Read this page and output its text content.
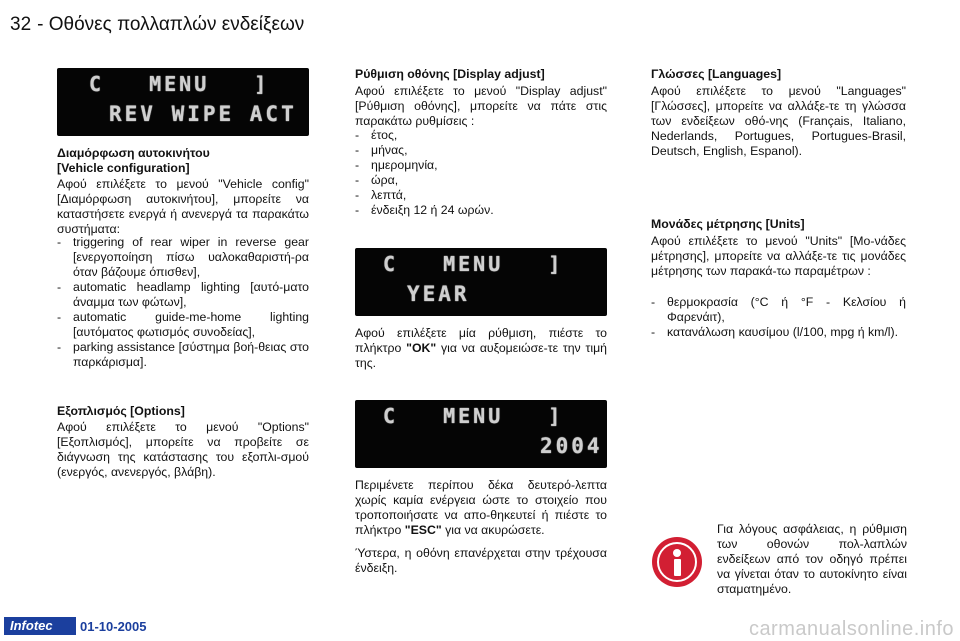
32 - Οθόνες πολλαπλών ενδείξεων
C MENU ]
REV WIPE ACT
Διαμόρφωση αυτοκινήτου [Vehicle configuration]
Αφού επιλέξετε το μενού "Vehicle config" [Διαμόρφωση αυτοκινήτου], μπορείτε να καταστήσετε ενεργά ή ανενεργά τα παρακάτω συστήματα:
- triggering of rear wiper in reverse gear [ενεργοποίηση πίσω υαλοκαθαριστή-ρα όταν βάζουμε όπισθεν],
- automatic headlamp lighting [αυτό-ματο άναμμα των φώτων],
- automatic guide-me-home lighting [αυτόματος φωτισμός συνοδείας],
- parking assistance [σύστημα βοή-θειας στο παρκάρισμα].
Εξοπλισμός [Options]
Αφού επιλέξετε το μενού "Options" [Εξοπλισμός], μπορείτε να προβείτε σε διάγνωση της κατάστασης του εξοπλι-σμού (ενεργός, ανενεργός, βλάβη).
Ρύθμιση οθόνης [Display adjust]
Αφού επιλέξετε το μενού "Display adjust" [Ρύθμιση οθόνης], μπορείτε να πάτε στις παρακάτω ρυθμίσεις :
- έτος,
- μήνας,
- ημερομηνία,
- ώρα,
- λεπτά,
- ένδειξη 12 ή 24 ωρών.
C MENU ]
YEAR
Αφού επιλέξετε μία ρύθμιση, πιέστε το πλήκτρο "OK" για να αυξομειώσε-τε την τιμή της.
C MENU ]
2004
Περιμένετε περίπου δέκα δευτερό-λεπτα χωρίς καμία ενέργεια ώστε το στοιχείο που τροποποιήσατε να απο-θηκευτεί ή πιέστε το πλήκτρο "ESC" για να ακυρώσετε.
Ύστερα, η οθόνη επανέρχεται στην τρέχουσα ένδειξη.
Γλώσσες [Languages]
Αφού επιλέξετε το μενού "Languages" [Γλώσσες], μπορείτε να αλλάξε-τε τη γλώσσα των ενδείξεων οθό-νης (Français, Italiano, Nederlands, Portugues, Portugues-Brasil, Deutsch, English, Espanol).
Μονάδες μέτρησης [Units]
Αφού επιλέξετε το μενού "Units" [Μο-νάδες μέτρησης], μπορείτε να αλλάξε-τε τις μονάδες μέτρησης των παρακά-τω παραμέτρων :
- θερμοκρασία (°C ή °F - Κελσίου ή Φαρενάιτ),
- κατανάλωση καυσίμου (l/100, mpg ή km/l).
Για λόγους ασφάλειας, η ρύθμιση των οθονών πολ-λαπλών ενδείξεων από τον οδηγό πρέπει να γίνεται όταν το αυτοκίνητο είναι σταματημένο.
Infotec	01-10-2005	carmanualsonline.info
